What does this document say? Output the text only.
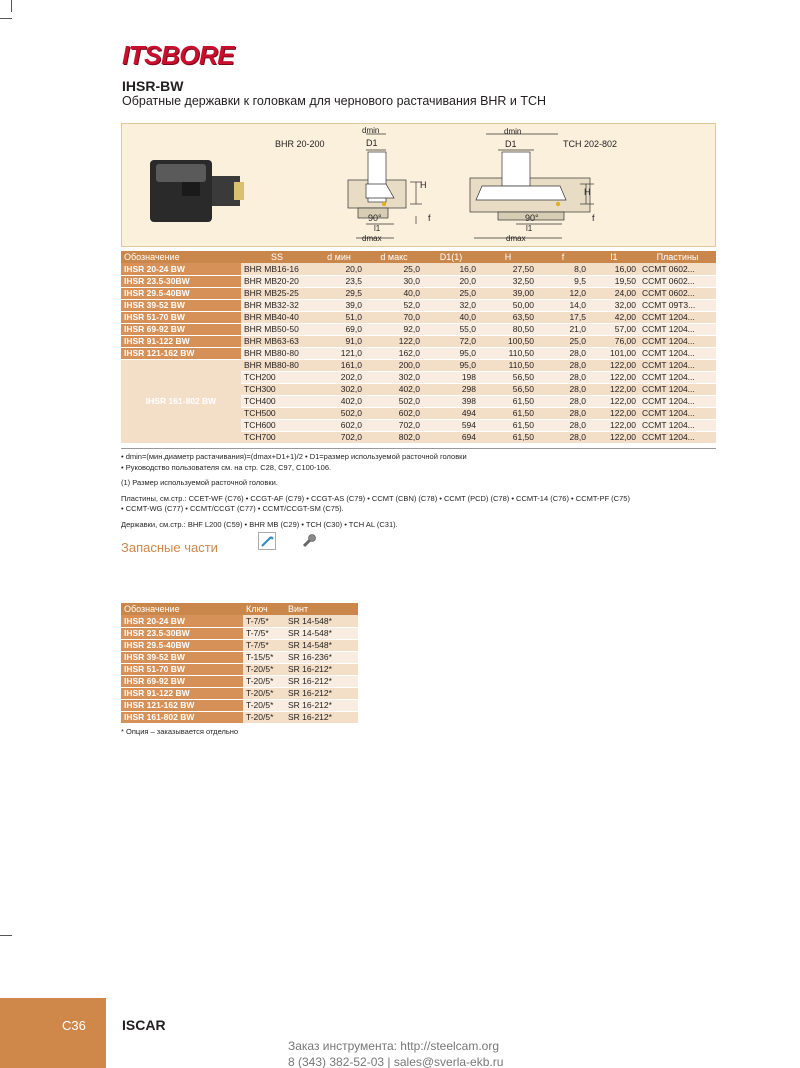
ITSBORE
IHSR-BW
Обратные державки к головкам для чернового растачивания BHR и TCH
BHR 20-200	TCH 202-802
dmin
D1
H
90°	f
l1
dmax
dmin
D1
H
90°	f
l1
dmax
Обозначение	SS	d мин	d макс	D1(1)	H	f	l1	Пластины
IHSR 20-24 BW	BHR MB16-16	20,0	25,0	16,0	27,50	8,0	16,00	CCMT 0602...
IHSR 23.5-30BW	BHR MB20-20	23,5	30,0	20,0	32,50	9,5	19,50	CCMT 0602...
IHSR 29.5-40BW	BHR MB25-25	29,5	40,0	25,0	39,00	12,0	24,00	CCMT 0602...
IHSR 39-52 BW	BHR MB32-32	39,0	52,0	32,0	50,00	14,0	32,00	CCMT 09T3...
IHSR 51-70 BW	BHR MB40-40	51,0	70,0	40,0	63,50	17,5	42,00	CCMT 1204...
IHSR 69-92 BW	BHR MB50-50	69,0	92,0	55,0	80,50	21,0	57,00	CCMT 1204...
IHSR 91-122 BW	BHR MB63-63	91,0	122,0	72,0	100,50	25,0	76,00	CCMT 1204...
IHSR 121-162 BW	BHR MB80-80	121,0	162,0	95,0	110,50	28,0	101,00	CCMT 1204...
IHSR 161-802 BW	BHR MB80-80	161,0	200,0	95,0	110,50	28,0	122,00	CCMT 1204...
	TCH200	202,0	302,0	198	56,50	28,0	122,00	CCMT 1204...
	TCH300	302,0	402,0	298	56,50	28,0	122,00	CCMT 1204...
	TCH400	402,0	502,0	398	61,50	28,0	122,00	CCMT 1204...
	TCH500	502,0	602,0	494	61,50	28,0	122,00	CCMT 1204...
	TCH600	602,0	702,0	594	61,50	28,0	122,00	CCMT 1204...
	TCH700	702,0	802,0	694	61,50	28,0	122,00	CCMT 1204...

• dmin=(мин.диаметр растачивания)=(dmax+D1+1)/2 • D1=размер используемой расточной головки

• Руководство пользователя см. на стр. C28, C97, C100-106.

(1) Размер используемой расточной головки.

Пластины, см.стр.: CCET-WF (C76) • CCGT-AF (C79) • CCGT-AS (C79) • CCMT (CBN) (C78) • CCMT (PCD) (C78) • CCMT-14 (C76) • CCMT-PF (C75)

• CCMT-WG (C77) • CCMT/CCGT (C77) • CCMT/CCGT-SM (C75).

Державки, см.стр.: BHF L200 (C59) • BHR MB (C29) • TCH (C30) • TCH AL (C31).

Запасные части
Обозначение	Ключ	Винт
IHSR 20-24 BW	T-7/5*	SR 14-548*
IHSR 23.5-30BW	T-7/5*	SR 14-548*
IHSR 29.5-40BW	T-7/5*	SR 14-548*
IHSR 39-52 BW	T-15/5*	SR 16-236*
IHSR 51-70 BW	T-20/5*	SR 16-212*
IHSR 69-92 BW	T-20/5*	SR 16-212*
IHSR 91-122 BW	T-20/5*	SR 16-212*
IHSR 121-162 BW	T-20/5*	SR 16-212*
IHSR 161-802 BW	T-20/5*	SR 16-212*
* Опция – заказывается отдельно
C36	ISCAR
Заказ инструмента: http://steelcam.org
8 (343) 382-52-03 | sales@sverla-ekb.ru
